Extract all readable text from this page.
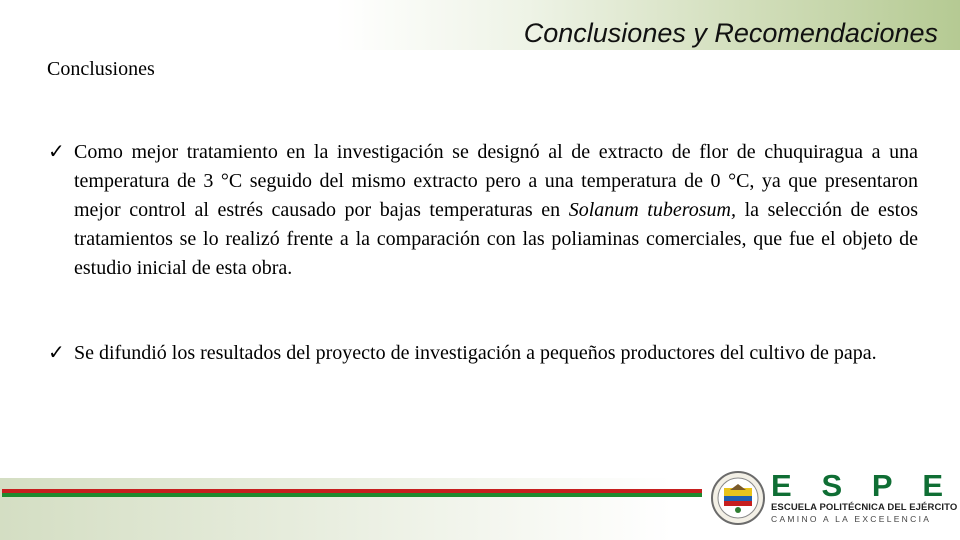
Conclusiones y Recomendaciones
Conclusiones
✓ Como mejor tratamiento en la investigación se designó al de extracto de flor de chuquiragua a una temperatura de 3 °C seguido del mismo extracto pero a una temperatura de 0 °C, ya que presentaron mejor control al estrés causado por bajas temperaturas en Solanum tuberosum, la selección de estos tratamientos se lo realizó frente a la comparación con las poliaminas comerciales, que fue el objeto de estudio inicial de esta obra.
✓ Se difundió los resultados del proyecto de investigación a pequeños productores del cultivo de papa.
E S P E
ESCUELA POLITÉCNICA DEL EJÉRCITO
CAMINO A LA EXCELENCIA
